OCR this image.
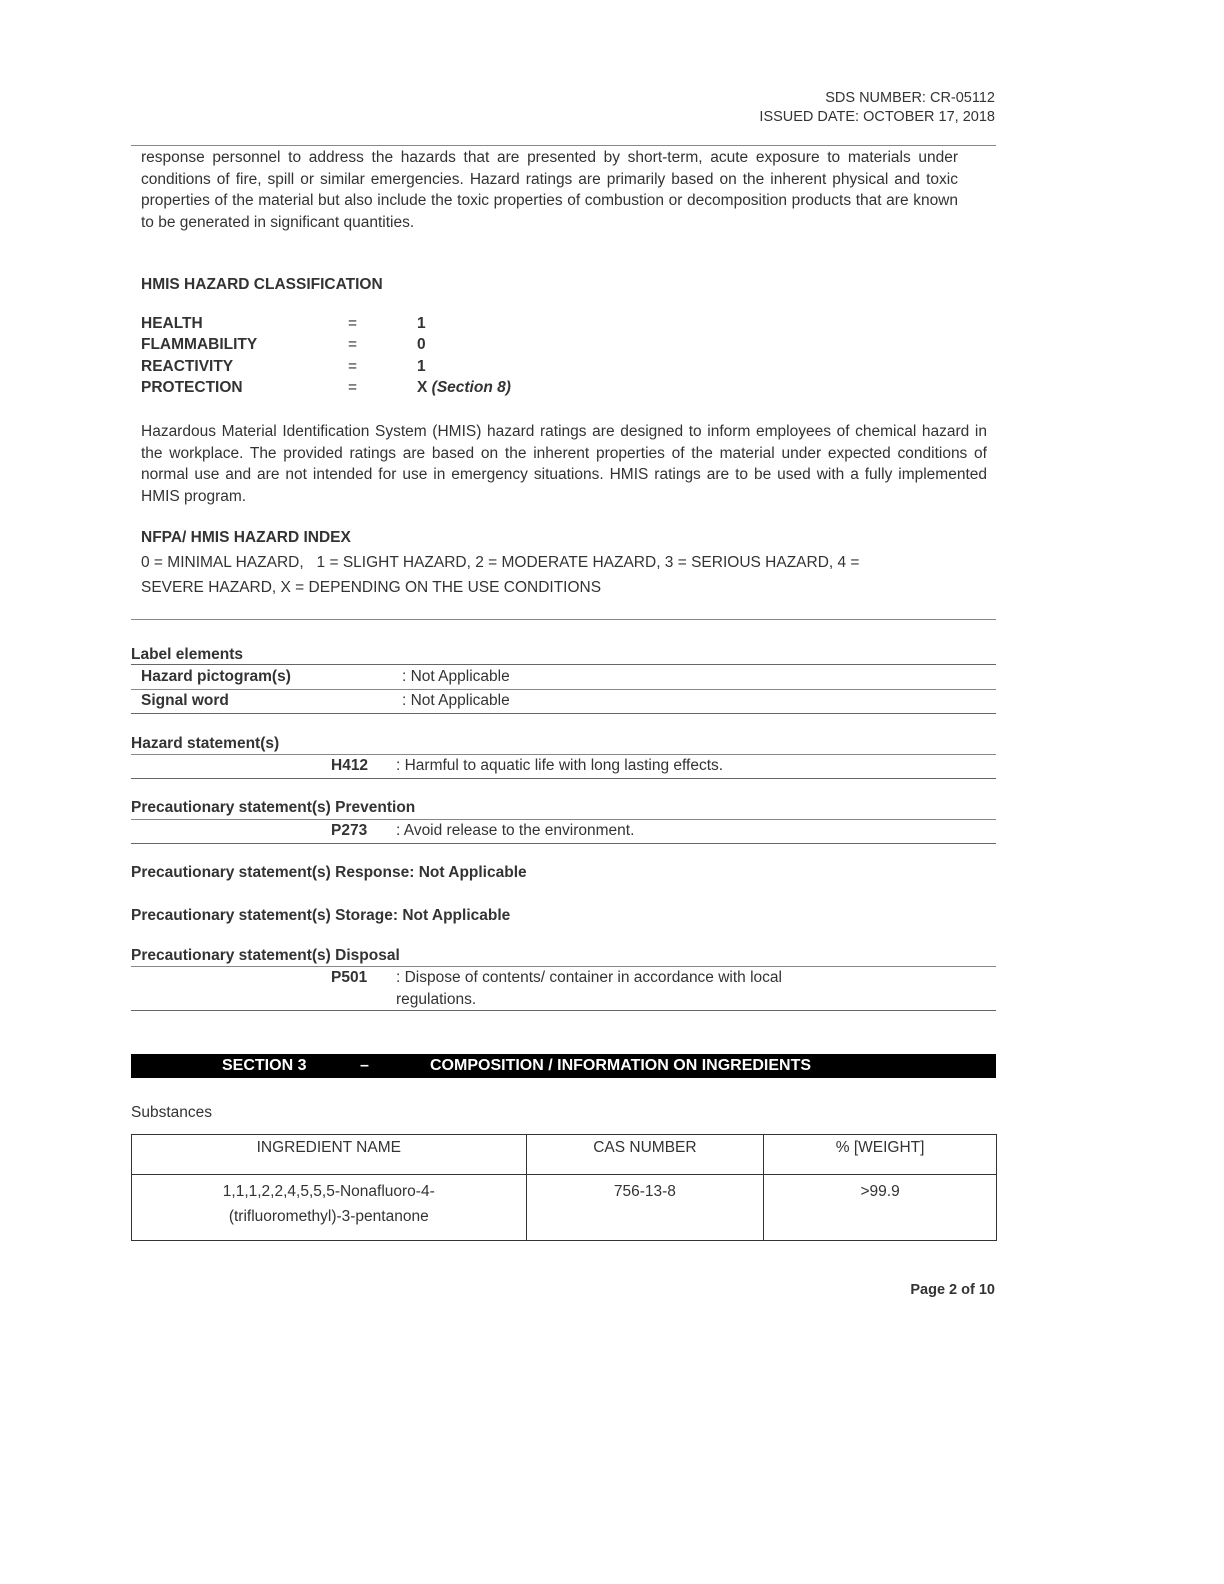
SDS NUMBER: CR-05112
ISSUED DATE: OCTOBER 17, 2018
response personnel to address the hazards that are presented by short-term, acute exposure to materials under conditions of fire, spill or similar emergencies. Hazard ratings are primarily based on the inherent physical and toxic properties of the material but also include the toxic properties of combustion or decomposition products that are known to be generated in significant quantities.
HMIS HAZARD CLASSIFICATION
HEALTH	=	1
FLAMMABILITY	=	0
REACTIVITY	=	1
PROTECTION	=	X (Section 8)
Hazardous Material Identification System (HMIS) hazard ratings are designed to inform employees of chemical hazard in the workplace. The provided ratings are based on the inherent properties of the material under expected conditions of normal use and are not intended for use in emergency situations. HMIS ratings are to be used with a fully implemented HMIS program.
NFPA/ HMIS HAZARD INDEX
0 = MINIMAL HAZARD,   1 = SLIGHT HAZARD, 2 = MODERATE HAZARD, 3 = SERIOUS HAZARD, 4 =
SEVERE HAZARD, X = DEPENDING ON THE USE CONDITIONS
Label elements
Hazard pictogram(s)	: Not Applicable
Signal word	: Not Applicable
Hazard statement(s)
H412 : Harmful to aquatic life with long lasting effects.
Precautionary statement(s) Prevention
P273 : Avoid release to the environment.
Precautionary statement(s) Response: Not Applicable
Precautionary statement(s) Storage: Not Applicable
Precautionary statement(s) Disposal
P501 : Dispose of contents/ container in accordance with local
regulations.
SECTION 3	–	COMPOSITION / INFORMATION ON INGREDIENTS
Substances
INGREDIENT NAME	CAS NUMBER	% [WEIGHT]

1,1,1,2,2,4,5,5,5-Nonafluoro-4-
(trifluoromethyl)-3-pentanone	756-13-8	>99.9
Page 2 of 10
